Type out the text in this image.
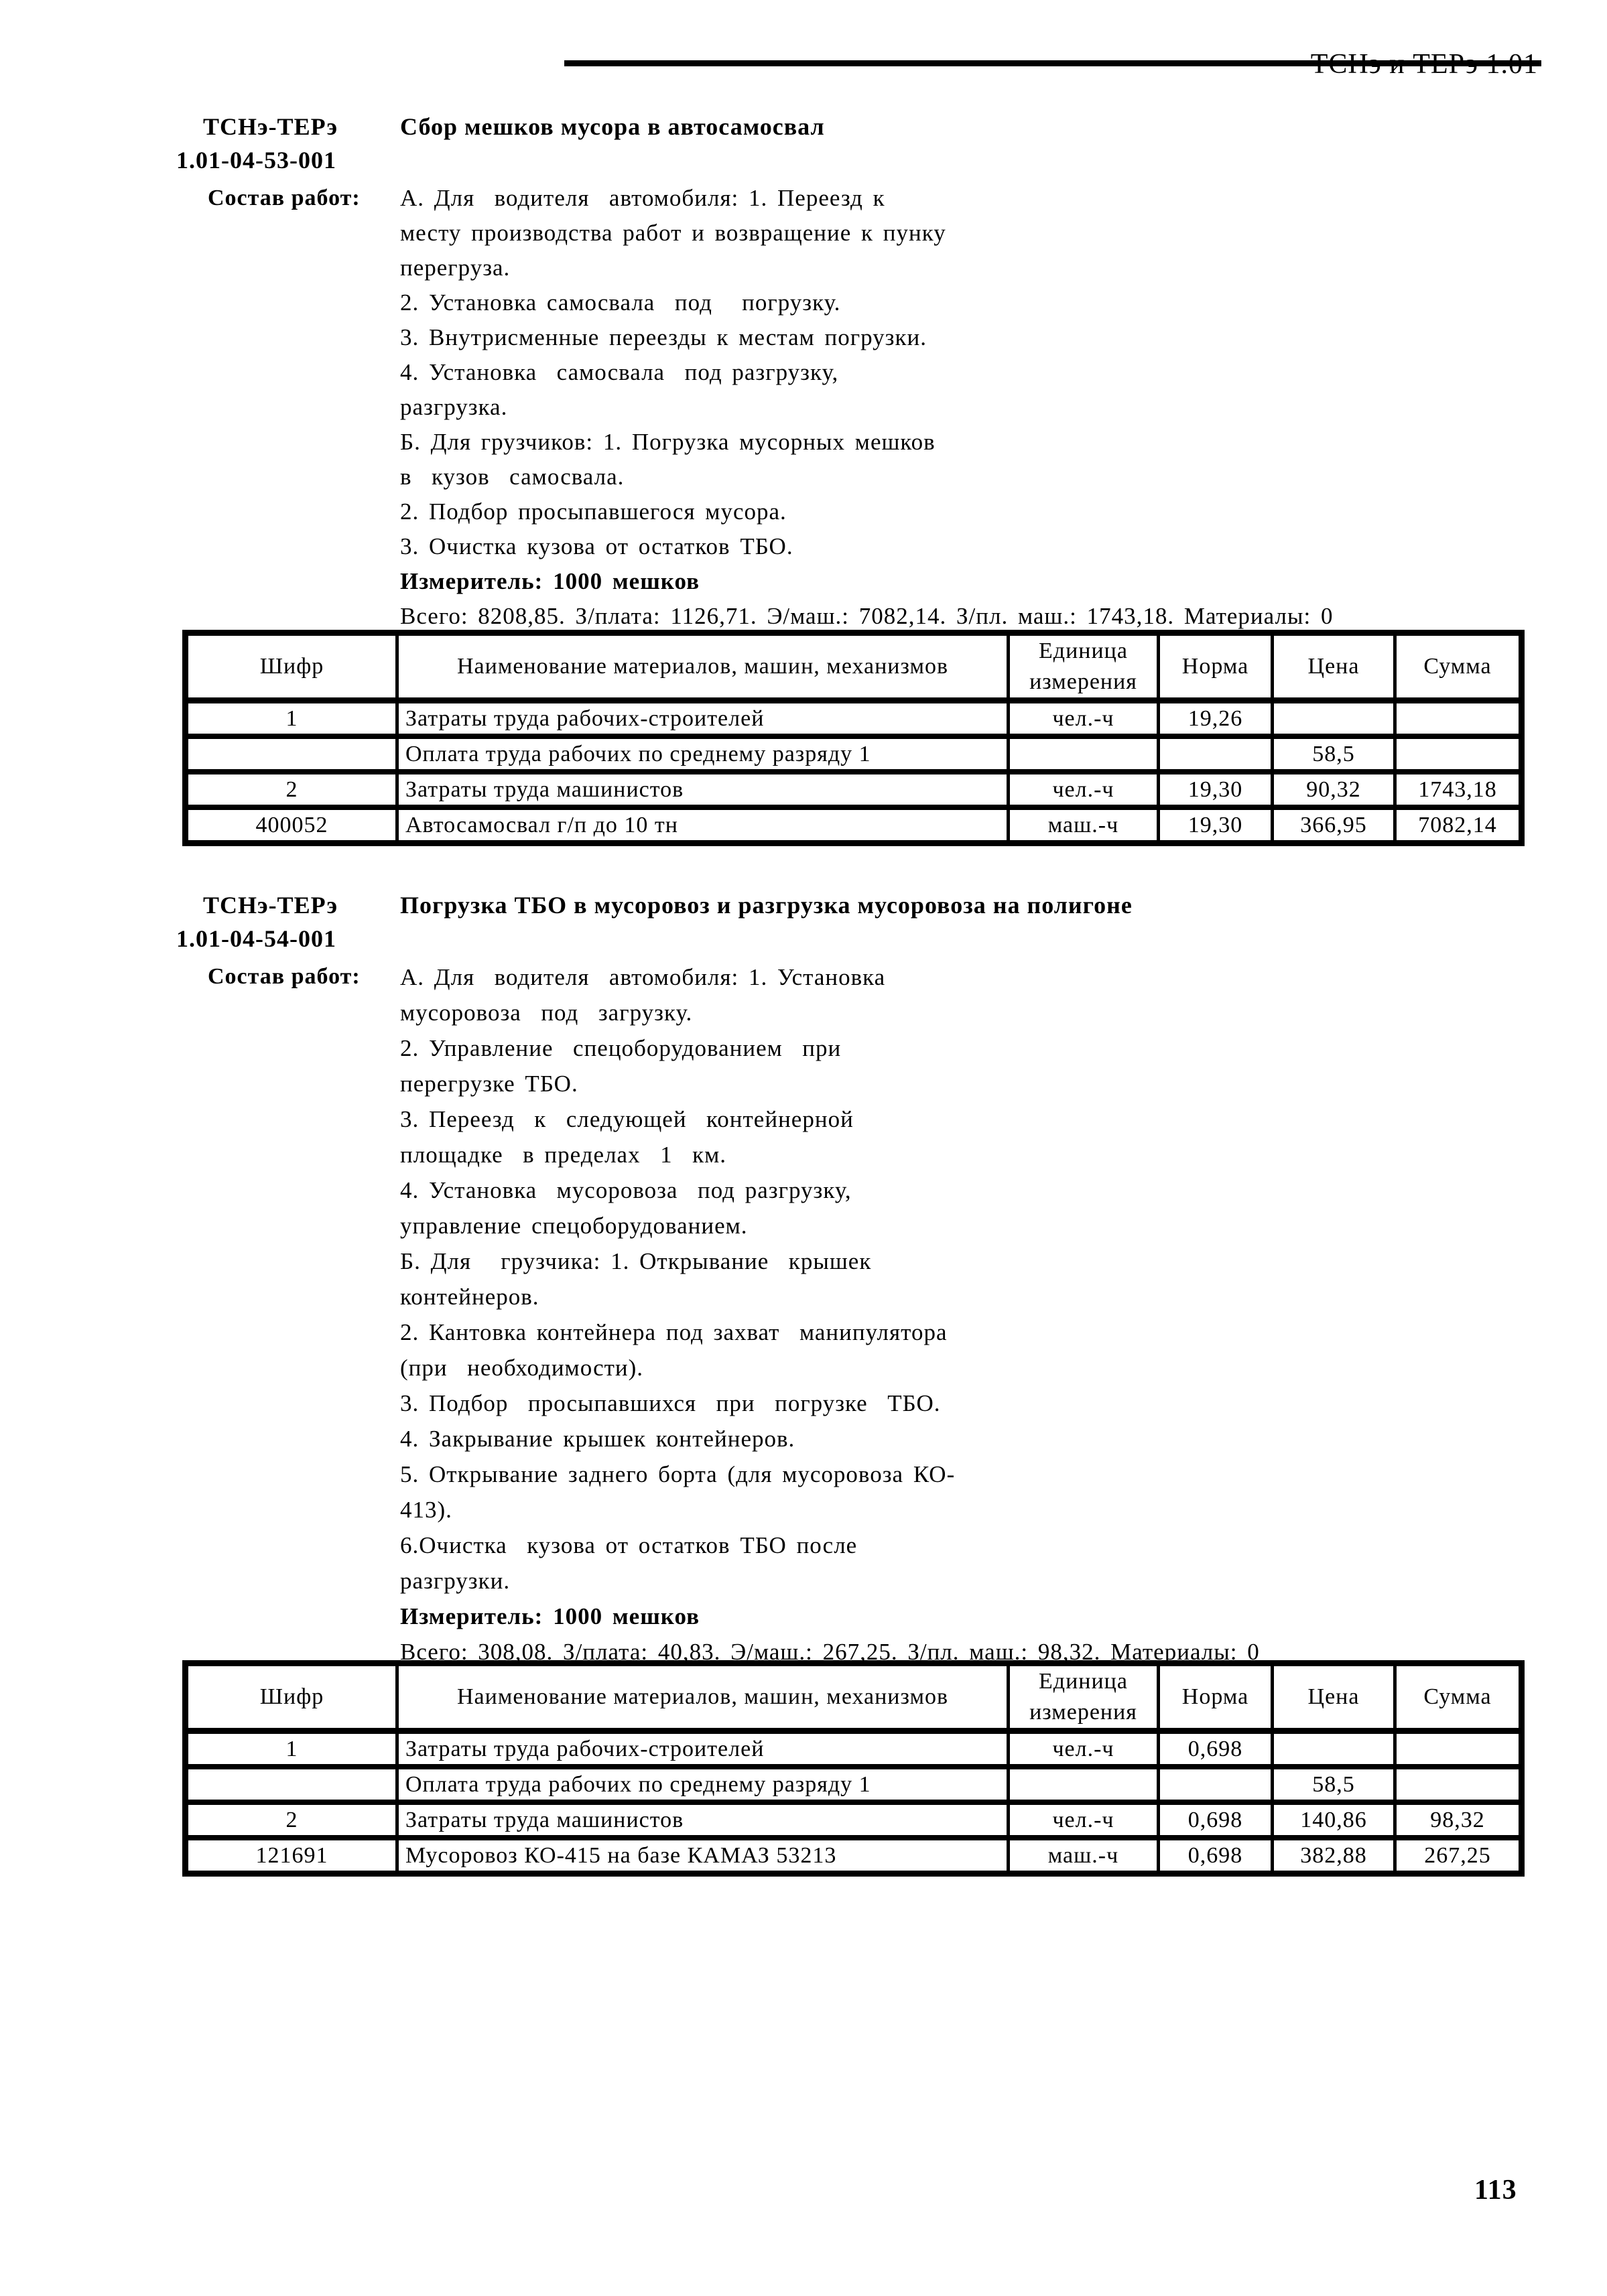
ТСНэ-ТЕРэ
1.01-04-53-001
Состав работ:
Сбор мешков мусора в автосамосвал
А. Для  водителя  автомобиля: 1. Переезд к
месту производства работ и возвращение к пунку
перегруза.
2. Установка самосвала  под   погрузку.
3. Внутрисменные переезды к местам погрузки.
4. Установка  самосвала  под разгрузку,
разгрузка.
Б. Для грузчиков: 1. Погрузка мусорных мешков
в  кузов  самосвала.
2. Подбор просыпавшегося мусора.
3. Очистка кузова от остатков ТБО.
Измеритель: 1000 мешков
Всего: 8208,85. З/плата: 1126,71. Э/маш.: 7082,14. З/пл. маш.: 1743,18. Материалы: 0
Шифр	Наименование материалов, машин, механизмов	Единица измерения	Норма	Цена	Сумма
1	Затраты труда рабочих-строителей	чел.-ч	19,26		
	Оплата труда рабочих по среднему разряду 1			58,5	
2	Затраты труда машинистов	чел.-ч	19,30	90,32	1743,18
400052	Автосамосвал г/п до 10 тн	маш.-ч	19,30	366,95	7082,14
ТСНэ-ТЕРэ
1.01-04-54-001
Состав работ:
Погрузка ТБО в мусоровоз и разгрузка мусоровоза на полигоне
А. Для  водителя  автомобиля: 1. Установка
мусоровоза  под  загрузку.
2. Управление  спецоборудованием  при
перегрузке ТБО.
3. Переезд  к  следующей  контейнерной
площадке  в пределах  1  км.
4. Установка  мусоровоза  под разгрузку,
управление спецоборудованием.
Б. Для   грузчика: 1. Открывание  крышек
контейнеров.
2. Кантовка контейнера под захват  манипулятора
(при  необходимости).
3. Подбор  просыпавшихся  при  погрузке  ТБО.
4. Закрывание крышек контейнеров.
5. Открывание заднего борта (для мусоровоза КО-
413).
6.Очистка  кузова от остатков ТБО после
разгрузки.
Измеритель: 1000 мешков
Всего: 308,08. З/плата: 40,83. Э/маш.: 267,25. З/пл. маш.: 98,32. Материалы: 0
Шифр	Наименование материалов, машин, механизмов	Единица измерения	Норма	Цена	Сумма
1	Затраты труда рабочих-строителей	чел.-ч	0,698		
	Оплата труда рабочих по среднему разряду 1			58,5	
2	Затраты труда машинистов	чел.-ч	0,698	140,86	98,32
121691	Мусоровоз КО-415 на базе КАМАЗ 53213	маш.-ч	0,698	382,88	267,25
113
